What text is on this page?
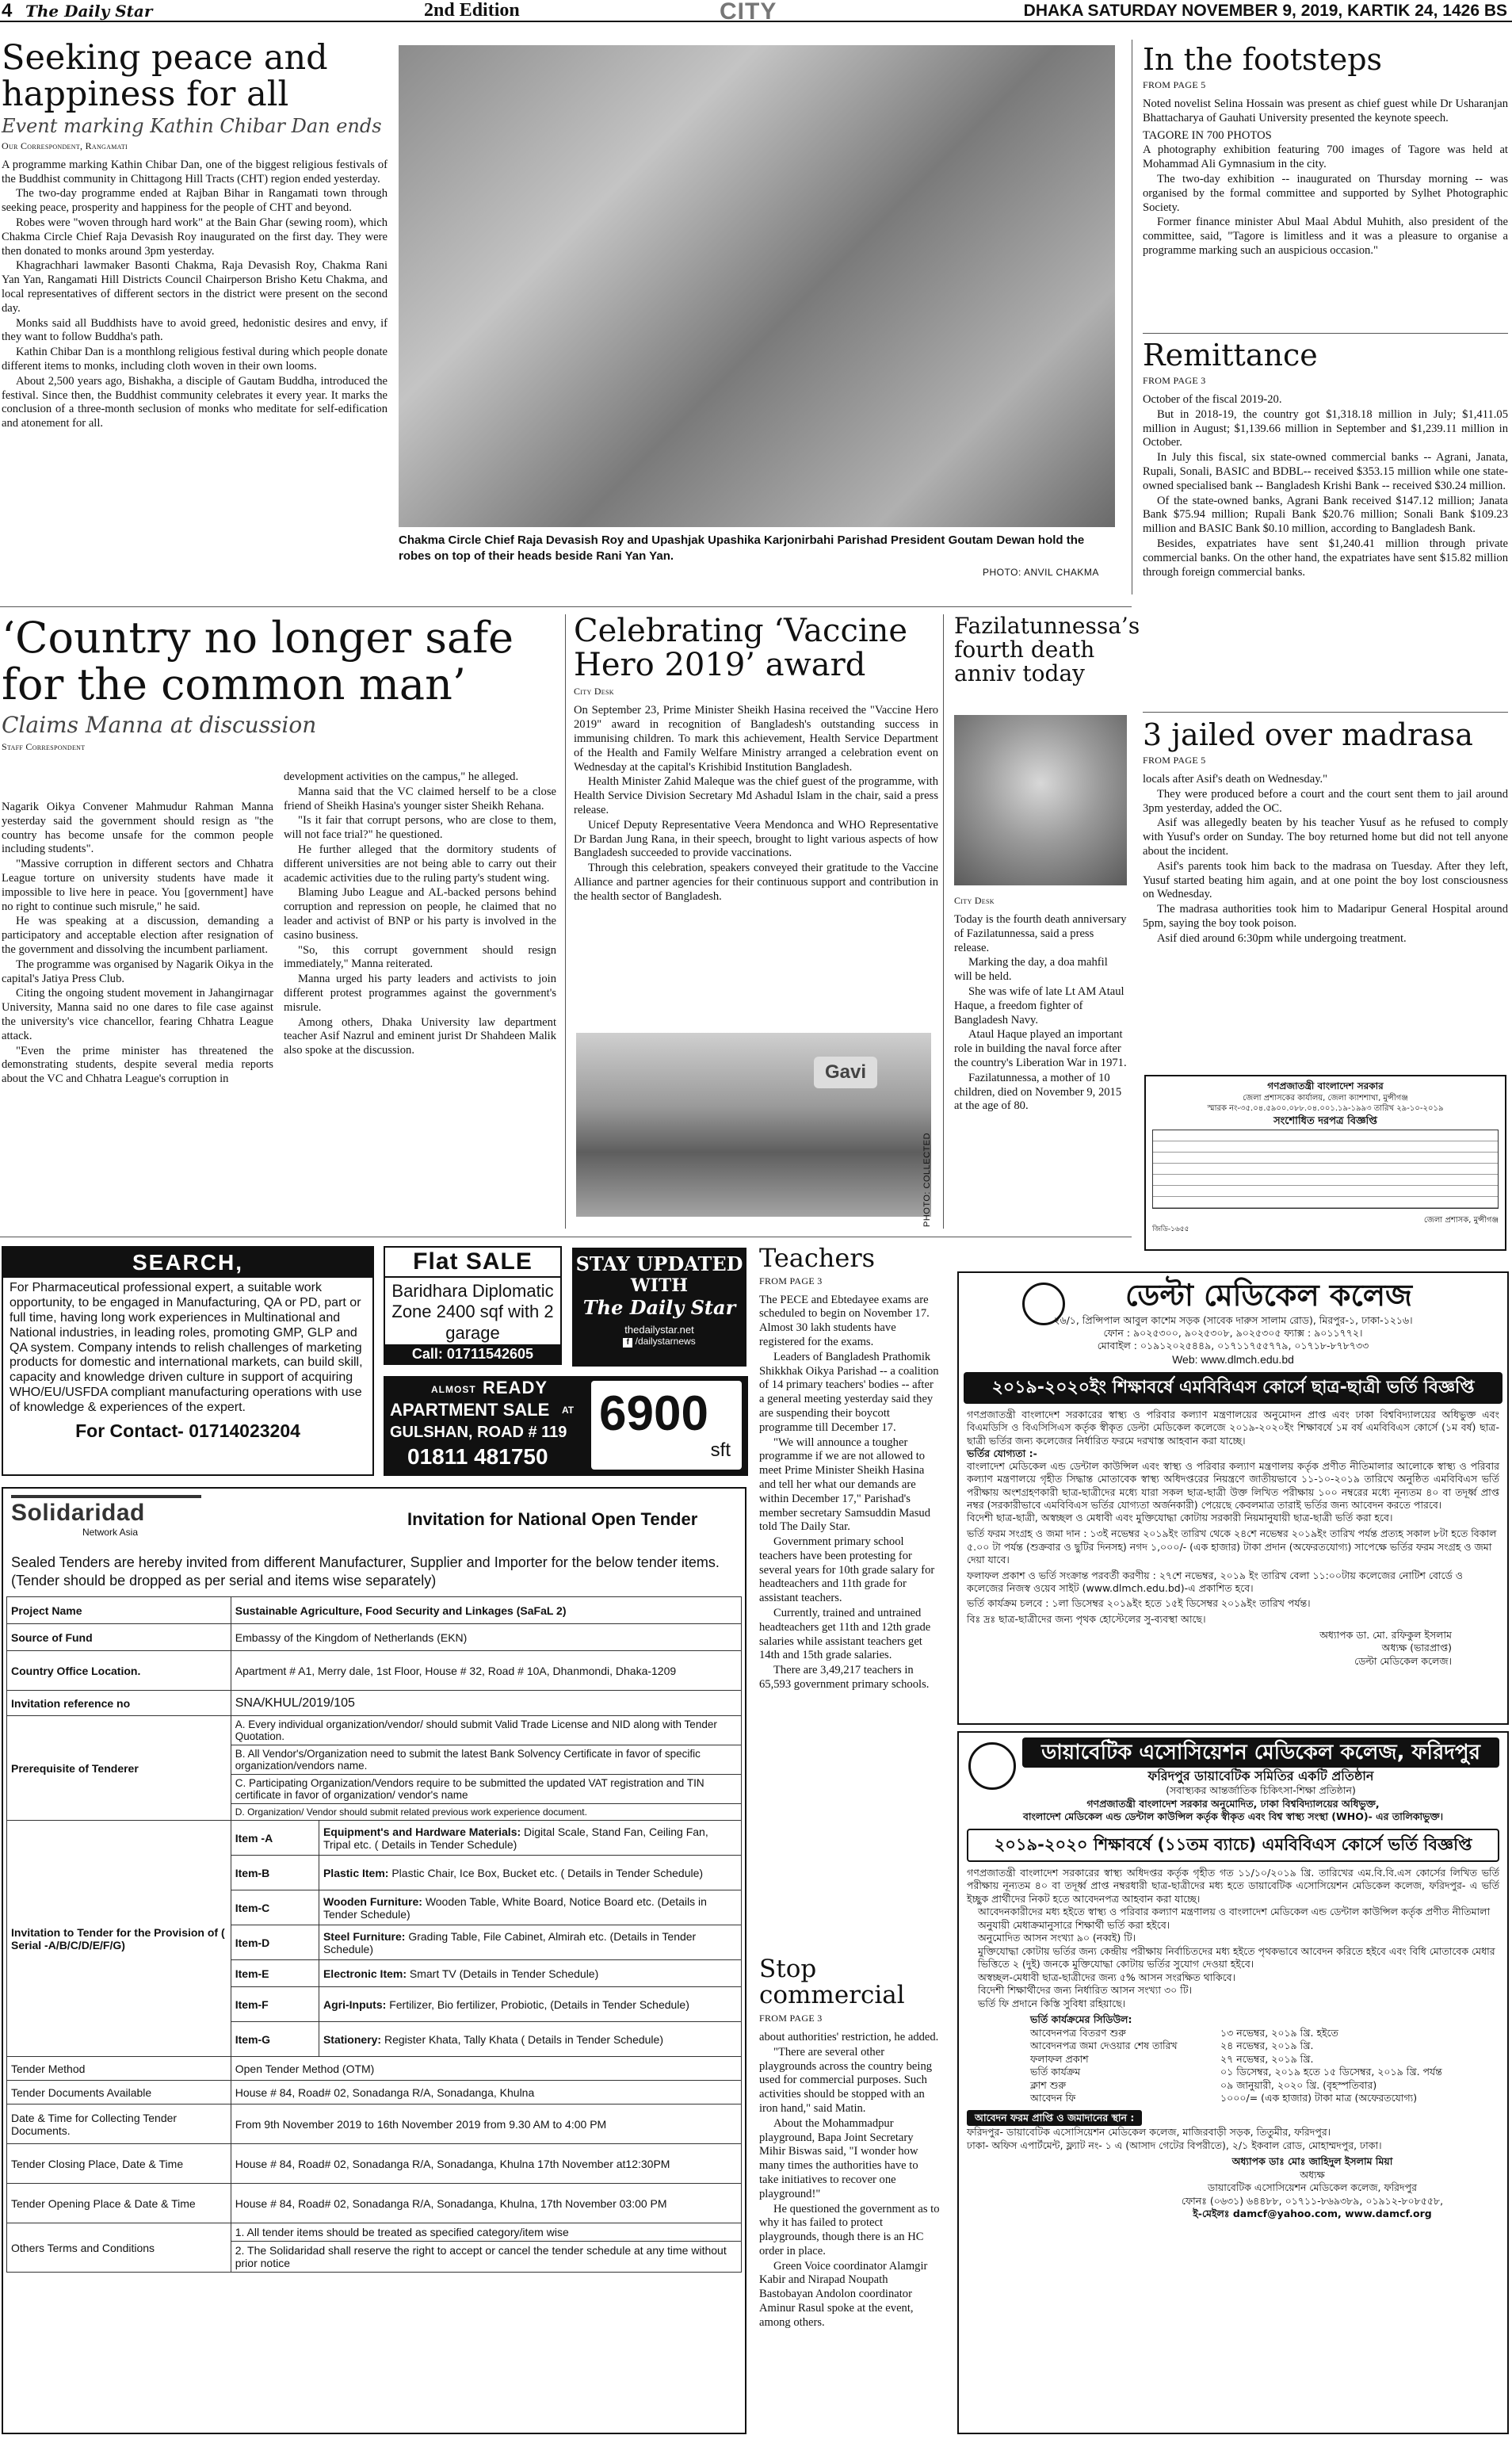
4 The Daily Star	2nd Edition	CITY	DHAKA SATURDAY NOVEMBER 9, 2019, KARTIK 24, 1426 BS
Seeking peace and happiness for all
Event marking Kathin Chibar Dan ends
Our Correspondent, Rangamati

A programme marking Kathin Chibar Dan, one of the biggest religious festivals of the Buddhist community in Chittagong Hill Tracts (CHT) region ended yesterday.

The two-day programme ended at Rajban Bihar in Rangamati town through seeking peace, prosperity and happiness for the people of CHT and beyond.

Robes were "woven through hard work" at the Bain Ghar (sewing room), which Chakma Circle Chief Raja Devasish Roy inaugurated on the first day. They were then donated to monks around 3pm yesterday.

Khagrachhari lawmaker Basonti Chakma, Raja Devasish Roy, Chakma Rani Yan Yan, Rangamati Hill Districts Council Chairperson Brisho Ketu Chakma, and local representatives of different sectors in the district were present on the second day.

Monks said all Buddhists have to avoid greed, hedonistic desires and envy, if they want to follow Buddha's path.

Kathin Chibar Dan is a monthlong religious festival during which people donate different items to monks, including cloth woven in their own looms.

About 2,500 years ago, Bishakha, a disciple of Gautam Buddha, introduced the festival. Since then, the Buddhist community celebrates it every year. It marks the conclusion of a three-month seclusion of monks who meditate for self-edification and atonement for all.

Chakma Circle Chief Raja Devasish Roy and Upashjak Upashika Karjonirbahi Parishad President Goutam Dewan hold the robes on top of their heads beside Rani Yan Yan.
PHOTO: ANVIL CHAKMA
In the footsteps
FROM PAGE 5

Noted novelist Selina Hossain was present as chief guest while Dr Usharanjan Bhattacharya of Gauhati University presented the keynote speech.

TAGORE IN 700 PHOTOS

A photography exhibition featuring 700 images of Tagore was held at Mohammad Ali Gymnasium in the city.

The two-day exhibition -- inaugurated on Thursday morning -- was organised by the formal committee and supported by Sylhet Photographic Society.

Former finance minister Abul Maal Abdul Muhith, also president of the committee, said, "Tagore is limitless and it was a pleasure to organise a programme marking such an auspicious occasion."

Remittance
FROM PAGE 3

October of the fiscal 2019-20.

But in 2018-19, the country got $1,318.18 million in July; $1,411.05 million in August; $1,139.66 million in September and $1,239.11 million in October.

In July this fiscal, six state-owned commercial banks -- Agrani, Janata, Rupali, Sonali, BASIC and BDBL-- received $353.15 million while one state-owned specialised bank -- Bangladesh Krishi Bank -- received $30.24 million.

Of the state-owned banks, Agrani Bank received $147.12 million; Janata Bank $75.94 million; Rupali Bank $20.76 million; Sonali Bank $109.23 million and BASIC Bank $0.10 million, according to Bangladesh Bank.

Besides, expatriates have sent $1,240.41 million through private commercial banks. On the other hand, the expatriates have sent $15.82 million through foreign commercial banks.

3 jailed over madrasa
FROM PAGE 5

locals after Asif's death on Wednesday."

They were produced before a court and the court sent them to jail around 3pm yesterday, added the OC.

Asif was allegedly beaten by his teacher Yusuf as he refused to comply with Yusuf's order on Sunday. The boy returned home but did not tell anyone about the incident.

Asif's parents took him back to the madrasa on Tuesday. After they left, Yusuf started beating him again, and at one point the boy lost consciousness on Wednesday.

The madrasa authorities took him to Madaripur General Hospital around 5pm, saying the boy took poison.

Asif died around 6:30pm while undergoing treatment.

গণপ্রজাতন্ত্রী বাংলাদেশ সরকার
জেলা প্রশাসকের কার্যালয়, জেলা ক্যাশশাখা, মুন্সীগঞ্জ
স্মারক নং-৩৫.০৪.৫৯০০.০৮৮.০৪.০০১.১৯-১৯৯৩ তারিখ ২৯-১০-২০১৯
সংশোধিত দরপত্র বিজ্ঞপ্তি
জেলা প্রশাসক, মুন্সীগঞ্জ
জিডি-১৬৫৫
‘Country no longer safe for the common man’
Claims Manna at discussion
Staff Correspondent

Nagarik Oikya Convener Mahmudur Rahman Manna yesterday said the government should resign as "the country has become unsafe for the common people including students".

"Massive corruption in different sectors and Chhatra League torture on university students have made it impossible to live here in peace. You [government] have no right to continue such misrule," he said.

He was speaking at a discussion, demanding a participatory and acceptable election after resignation of the government and dissolving the incumbent parliament.

The programme was organised by Nagarik Oikya in the capital's Jatiya Press Club.

Citing the ongoing student movement in Jahangirnagar University, Manna said no one dares to file case against the university's vice chancellor, fearing Chhatra League attack.

"Even the prime minister has threatened the demonstrating students, despite several media reports about the VC and Chhatra League's corruption in

development activities on the campus," he alleged.

Manna said that the VC claimed herself to be a close friend of Sheikh Hasina's younger sister Sheikh Rehana.

"Is it fair that corrupt persons, who are close to them, will not face trial?" he questioned.

He further alleged that the dormitory students of different universities are not being able to carry out their academic activities due to the ruling party's student wing.

Blaming Jubo League and AL-backed persons behind corruption and repression on people, he claimed that no leader and activist of BNP or his party is involved in the casino business.

"So, this corrupt government should resign immediately," Manna reiterated.

Manna urged his party leaders and activists to join different protest programmes against the government's misrule.

Among others, Dhaka University law department teacher Asif Nazrul and eminent jurist Dr Shahdeen Malik also spoke at the discussion.

Celebrating ‘Vaccine Hero 2019’ award
City Desk

On September 23, Prime Minister Sheikh Hasina received the "Vaccine Hero 2019" award in recognition of Bangladesh's outstanding success in immunising children. To mark this achievement, Health Service Department of the Health and Family Welfare Ministry arranged a celebration event on Wednesday at the capital's Krishibid Institution Bangladesh.

Health Minister Zahid Maleque was the chief guest of the programme, with Health Service Division Secretary Md Ashadul Islam in the chair, said a press release.

Unicef Deputy Representative Veera Mendonca and WHO Representative Dr Bardan Jung Rana, in their speech, brought to light various aspects of how Bangladesh succeeded to provide vaccinations.

Through this celebration, speakers conveyed their gratitude to the Vaccine Alliance and partner agencies for their continuous support and contribution in the health sector of Bangladesh.

Gavi
PHOTO: COLLECTED
Fazilatunnessa’s fourth death anniv today
City Desk

Today is the fourth death anniversary of Fazilatunnessa, said a press release.

Marking the day, a doa mahfil will be held.

She was wife of late Lt AM Ataul Haque, a freedom fighter of Bangladesh Navy.

Ataul Haque played an important role in building the naval force after the country's Liberation War in 1971.

Fazilatunnessa, a mother of 10 children, died on November 9, 2015 at the age of 80.

SEARCH,
For Pharmaceutical professional expert, a suitable work opportunity, to be engaged in Manufacturing, QA or PD, part or full time, having long work experiences in Multinational and National industries, in leading roles, promoting GMP, GLP and QA system. Company intends to relish challenges of marketing products for domestic and international markets, can build skill, capacity and knowledge driven culture in support of acquiring WHO/EU/USFDA compliant manufacturing operations with use of knowledge & experiences of the expert.
For Contact- 01714023204
Flat SALE
Baridhara Diplomatic Zone 2400 sqf with 2 garage
Call: 01711542605
STAY UPDATED
WITH
The Daily Star
thedailystar.net
f /dailystarnews
ALMOST READY
APARTMENT SALE AT
GULSHAN, ROAD # 119
01811 481750
6900
sft
Solidaridad
Network Asia
Invitation for National Open Tender
Sealed Tenders are hereby invited from different Manufacturer, Supplier and Importer for the below tender items. (Tender should be dropped as per serial and items wise separately)
Project Name	Sustainable Agriculture, Food Security and Linkages (SaFaL 2)	
Source of Fund	Embassy of the Kingdom of Netherlands (EKN)	
Country Office Location.	Apartment # A1, Merry dale, 1st Floor, House # 32, Road # 10A, Dhanmondi, Dhaka-1209	
Invitation reference no	SNA/KHUL/2019/105	
Prerequisite of Tenderer	A. Every individual organization/vendor/ should submit Valid Trade License and NID along with Tender Quotation.
B. All Vendor's/Organization need to submit the latest Bank Solvency Certificate in favor of specific organization/vendors name.
C. Participating Organization/Vendors require to be submitted the updated VAT registration and TIN certificate in favor of organization/ vendor's name
D. Organization/ Vendor should submit related previous work experience document.	

Invitation to Tender for the Provision of ( Serial -A/B/C/D/E/F/G)	Item -A	Equipment's and Hardware Materials: Digital Scale, Stand Fan, Ceiling Fan, Tripal etc. ( Details in Tender Schedule)
	Item-B	Plastic Item: Plastic Chair, Ice Box, Bucket etc. ( Details in Tender Schedule)
	Item-C	Wooden Furniture: Wooden Table, White Board, Notice Board etc. (Details in Tender Schedule)
	Item-D	Steel Furniture: Grading Table, File Cabinet, Almirah etc. (Details in Tender Schedule)
	Item-E	Electronic Item: Smart TV (Details in Tender Schedule)
	Item-F	Agri-Inputs: Fertilizer, Bio fertilizer, Probiotic, (Details in Tender Schedule)
	Item-G	Stationery: Register Khata, Tally Khata ( Details in Tender Schedule)
Tender Method	Open Tender Method (OTM)	
Tender Documents Available	House # 84, Road# 02, Sonadanga R/A, Sonadanga, Khulna	
Date & Time for Collecting Tender Documents.	From 9th November 2019 to 16th November 2019 from 9.30 AM to 4:00 PM	
Tender Closing Place, Date & Time	House # 84, Road# 02, Sonadanga R/A, Sonadanga, Khulna 17th November at12:30PM	
Tender Opening Place & Date & Time	House # 84, Road# 02, Sonadanga R/A, Sonadanga, Khulna, 17th November 03:00 PM	
Others Terms and Conditions	1. All tender items should be treated as specified category/item wise
2. The Solidaridad shall reserve the right to accept or cancel the tender schedule at any time without prior notice	
Teachers
FROM PAGE 3

The PECE and Ebtedayee exams are scheduled to begin on November 17. Almost 30 lakh students have registered for the exams.

Leaders of Bangladesh Prathomik Shikkhak Oikya Parishad -- a coalition of 14 primary teachers' bodies -- after a general meeting yesterday said they are suspending their boycott programme till December 17.

"We will announce a tougher programme if we are not allowed to meet Prime Minister Sheikh Hasina and tell her what our demands are within December 17," Parishad's member secretary Samsuddin Masud told The Daily Star.

Government primary school teachers have been protesting for several years for 10th grade salary for headteachers and 11th grade for assistant teachers.

Currently, trained and untrained headteachers get 11th and 12th grade salaries while assistant teachers get 14th and 15th grade salaries.

There are 3,49,217 teachers in 65,593 government primary schools.

Stop commercial
FROM PAGE 3

about authorities' restriction, he added.

"There are several other playgrounds across the country being used for commercial purposes. Such activities should be stopped with an iron hand," said Matin.

About the Mohammadpur playground, Bapa Joint Secretary Mihir Biswas said, "I wonder how many times the authorities have to take initiatives to recover one playground!"

He questioned the government as to why it has failed to protect playgrounds, though there is an HC order in place.

Green Voice coordinator Alamgir Kabir and Nirapad Noupath Bastobayan Andolon coordinator Aminur Rasul spoke at the event, among others.

ডেল্টা মেডিকেল কলেজ
২৬/১, প্রিন্সিপাল আবুল কাশেম সড়ক (সাবেক দারুস সালাম রোড), মিরপুর-১, ঢাকা-১২১৬।
ফোন : ৯০২৫৩০০, ৯০২৫৩০৮, ৯০২৫৩০৫ ফ্যাক্স : ৯০১১৭৭২।
মোবাইল : ০১৯১২০২৫৪৪৯, ০১৭১১৭৫৫৭৭৯, ০১৭১৮-৮৭৮৭৩৩
Web: www.dlmch.edu.bd
২০১৯-২০২০ইং শিক্ষাবর্ষে এমবিবিএস কোর্সে ছাত্র-ছাত্রী ভর্তি বিজ্ঞপ্তি
গণপ্রজাতন্ত্রী বাংলাদেশ সরকারের স্বাস্থ্য ও পরিবার কল্যাণ মন্ত্রণালয়ের অনুমোদন প্রাপ্ত এবং ঢাকা বিশ্ববিদ্যালয়ের অধিভুক্ত এবং বিএমডিসি ও বিএসিসিএস কর্তৃক স্বীকৃত ডেল্টা মেডিকেল কলেজে ২০১৯-২০২০ইং শিক্ষাবর্ষে ১ম বর্ষ এমবিবিএস কোর্সে (১ম বর্ষ) ছাত্র-ছাত্রী ভর্তির জন্য কলেজের নির্ধারিত ফরমে দরখাস্ত আহবান করা যাচ্ছে।
ভর্তির যোগ্যতা :-
বাংলাদেশ মেডিকেল এন্ড ডেন্টাল কাউন্সিল এবং স্বাস্থ্য ও পরিবার কল্যাণ মন্ত্রণালয় কর্তৃক প্রণীত নীতিমালার আলোকে স্বাস্থ্য ও পরিবার কল্যাণ মন্ত্রণালয়ে গৃহীত সিদ্ধান্ত মোতাবেক স্বাস্থ্য অধিদপ্তরের নিয়ন্ত্রণে জাতীয়ভাবে ১১-১০-২০১৯ তারিখে অনুষ্ঠিত এমবিবিএস ভর্তি পরীক্ষায় অংশগ্রহণকারী ছাত্র-ছাত্রীদের মধ্যে যারা সকল ছাত্র-ছাত্রী উক্ত লিখিত পরীক্ষায় ১০০ নম্বরের মধ্যে নূন্যতম ৪০ বা তদূর্ধ্ব প্রাপ্ত নম্বর (সরকারীভাবে এমবিবিএস ভর্তির যোগ্যতা অর্জনকারী) পেয়েছে কেবলমাত্র তারাই ভর্তির জন্য আবেদন করতে পারবে।
বিদেশী ছাত্র-ছাত্রী, অস্বচ্ছল ও মেধাবী এবং মুক্তিযোদ্ধা কোটায় সরকারী নিয়মানুযায়ী ছাত্র-ছাত্রী ভর্তি করা হবে।
ভর্তি ফরম সংগ্রহ ও জমা দান : ১৩ই নভেম্বর ২০১৯ইং তারিখ থেকে ২৪শে নভেম্বর ২০১৯ইং তারিখ পর্যন্ত প্রত্যহ সকাল ৮টা হতে বিকাল ৫.০০ টা পর্যন্ত (শুক্রবার ও ছুটির দিনসহ) নগদ ১,০০০/- (এক হাজার) টাকা প্রদান (অফেরতযোগ্য) সাপেক্ষে ভর্তির ফরম সংগ্রহ ও জমা দেয়া যাবে।
ফলাফল প্রকাশ ও ভর্তি সংক্রান্ত পরবর্তী করণীয় : ২৭শে নভেম্বর, ২০১৯ ইং তারিখ বেলা ১১:০০টায় কলেজের নোটিশ বোর্ডে ও কলেজের নিজস্ব ওয়েব সাইট (www.dlmch.edu.bd)-এ প্রকাশিত হবে।
ভর্তি কার্যক্রম চলবে : ১লা ডিসেম্বর ২০১৯ইং হতে ১৫ই ডিসেম্বর ২০১৯ইং তারিখ পর্যন্ত।
বিঃ দ্রঃ ছাত্র-ছাত্রীদের জন্য পৃথক হোস্টেলের সু-ব্যবস্থা আছে।
অধ্যাপক ডা. মো. রফিকুল ইসলাম
অধ্যক্ষ (ভারপ্রাপ্ত)
ডেল্টা মেডিকেল কলেজ।
ডায়াবেটিক এসোসিয়েশন মেডিকেল কলেজ, ফরিদপুর
ফরিদপুর ডায়াবেটিক সমিতির একটি প্রতিষ্ঠান
(সবাস্থ্যকর আন্তর্জাতিক চিকিৎসা-শিক্ষা প্রতিষ্ঠান)
গণপ্রজাতন্ত্রী বাংলাদেশ সরকার অনুমোদিত, ঢাকা বিশ্ববিদ্যালয়ের অধিভুক্ত,
বাংলাদেশ মেডিকেল এন্ড ডেন্টাল কাউন্সিল কর্তৃক স্বীকৃত এবং বিশ্ব স্বাস্থ্য সংস্থা (WHO)- এর তালিকাভুক্ত।
২০১৯-২০২০ শিক্ষাবর্ষে (১১তম ব্যাচে) এমবিবিএস কোর্সে ভর্তি বিজ্ঞপ্তি
গণপ্রজাতন্ত্রী বাংলাদেশ সরকারের স্বাস্থ্য অধিদপ্তর কর্তৃক গৃহীত গত ১১/১০/২০১৯ খ্রি. তারিখের এম.বি.বি.এস কোর্সের লিখিত ভর্তি পরীক্ষায় নূন্যতম ৪০ বা তদূর্ধ্ব প্রাপ্ত নম্বরধারী ছাত্র-ছাত্রীদের মধ্য হতে ডায়াবেটিক এসোসিয়েশন মেডিকেল কলেজ, ফরিদপুর- এ ভর্তি ইচ্ছুক প্রার্থীদের নিকট হতে আবেদনপত্র আহবান করা যাচ্ছে।
আবেদনকারীদের মধ্য হইতে স্বাস্থ্য ও পরিবার কল্যাণ মন্ত্রণালয় ও বাংলাদেশ মেডিকেল এন্ড ডেন্টাল কাউন্সিল কর্তৃক প্রণীত নীতিমালা অনুযায়ী মেধাক্রমানুসারে শিক্ষার্থী ভর্তি করা হইবে।
অনুমোদিত আসন সংখ্যা ৯০ (নব্বই) টি।
মুক্তিযোদ্ধা কোটায় ভর্তির জন্য কেন্দ্রীয় পরীক্ষায় নির্বাচিতদের মধ্য হইতে পৃথকভাবে আবেদন করিতে হইবে এবং বিধি মোতাবেক মেধার ভিত্তিতে ২ (দুই) জনকে মুক্তিযোদ্ধা কোটায় ভর্তির সুযোগ দেওয়া হইবে।
অস্বচ্ছল-মেধাবী ছাত্র-ছাত্রীদের জন্য ৫% আসন সংরক্ষিত থাকিবে।
বিদেশী শিক্ষার্থীদের জন্য নির্ধারিত আসন সংখ্যা ৩০ টি।
ভর্তি ফি প্রদানে কিস্তি সুবিধা রহিয়াছে।
ভর্তি কার্যক্রমের সিডিউল:
আবেদনপত্র বিতরণ শুরু	১৩ নভেম্বর, ২০১৯ খ্রি. হইতে
আবেদনপত্র জমা দেওয়ার শেষ তারিখ	২৪ নভেম্বর, ২০১৯ খ্রি.
ফলাফল প্রকাশ	২৭ নভেম্বর, ২০১৯ খ্রি.
ভর্তি কার্যক্রম	০১ ডিসেম্বর, ২০১৯ হতে ১৫ ডিসেম্বর, ২০১৯ খ্রি. পর্যন্ত
ক্লাশ শুরু	০৯ জানুয়ারী, ২০২০ খ্রি. (বৃহস্পতিবার)
আবেদন ফি	১০০০/= (এক হাজার) টাকা মাত্র (অফেরতযোগ্য)
আবেদন ফরম প্রাপ্তি ও জমাদানের স্থান :
ফরিদপুর- ডায়াবেটিক এসোসিয়েশন মেডিকেল কলেজ, মাজিরবাড়ী সড়ক, তিতুমীর, ফরিদপুর।
ঢাকা- অফিস এপার্টমেন্ট, ফ্ল্যাট নং- ১ এ (আসাদ গেটের বিপরীতে), ২/১ ইকবাল রোড, মোহাম্মদপুর, ঢাকা।
অধ্যাপক ডাঃ মোঃ জাহিদুল ইসলাম মিয়া
অধ্যক্ষ
ডায়াবেটিক এসোসিয়েশন মেডিকেল কলেজ, ফরিদপুর
ফোনঃ (০৬৩১) ৬৪৪৮৮, ০১৭১১-৮৬৯৩৮৯, ০১৯১২-৮০৮৫৫৮,
ই-মেইলঃ damcf@yahoo.com, www.damcf.org
